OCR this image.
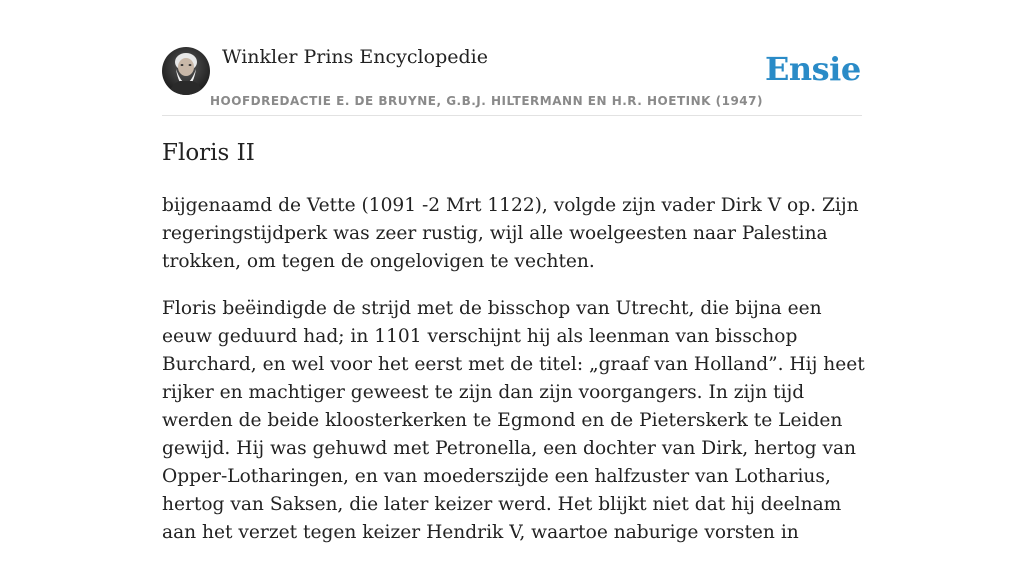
Winkler Prins Encyclopedie
HOOFDREDACTIE E. DE BRUYNE, G.B.J. HILTERMANN EN H.R. HOETINK (1947)
Ensie
Floris II

bijgenaamd de Vette (1091 -2 Mrt 1122), volgde zijn vader Dirk V op. Zijn regeringstijdperk was zeer rustig, wijl alle woelgeesten naar Palestina trokken, om tegen de ongelovigen te vechten.

Floris beëindigde de strijd met de bisschop van Utrecht, die bijna een eeuw geduurd had; in 1101 verschijnt hij als leenman van bisschop Burchard, en wel voor het eerst met de titel: „graaf van Holland”. Hij heet rijker en machtiger geweest te zijn dan zijn voorgangers. In zijn tijd werden de beide kloosterkerken te Egmond en de Pieterskerk te Leiden gewijd. Hij was gehuwd met Petronella, een dochter van Dirk, hertog van Opper-Lotharingen, en van moederszijde een halfzuster van Lotharius, hertog van Saksen, die later keizer werd. Het blijkt niet dat hij deelnam aan het verzet tegen keizer Hendrik V, waartoe naburige vorsten in
